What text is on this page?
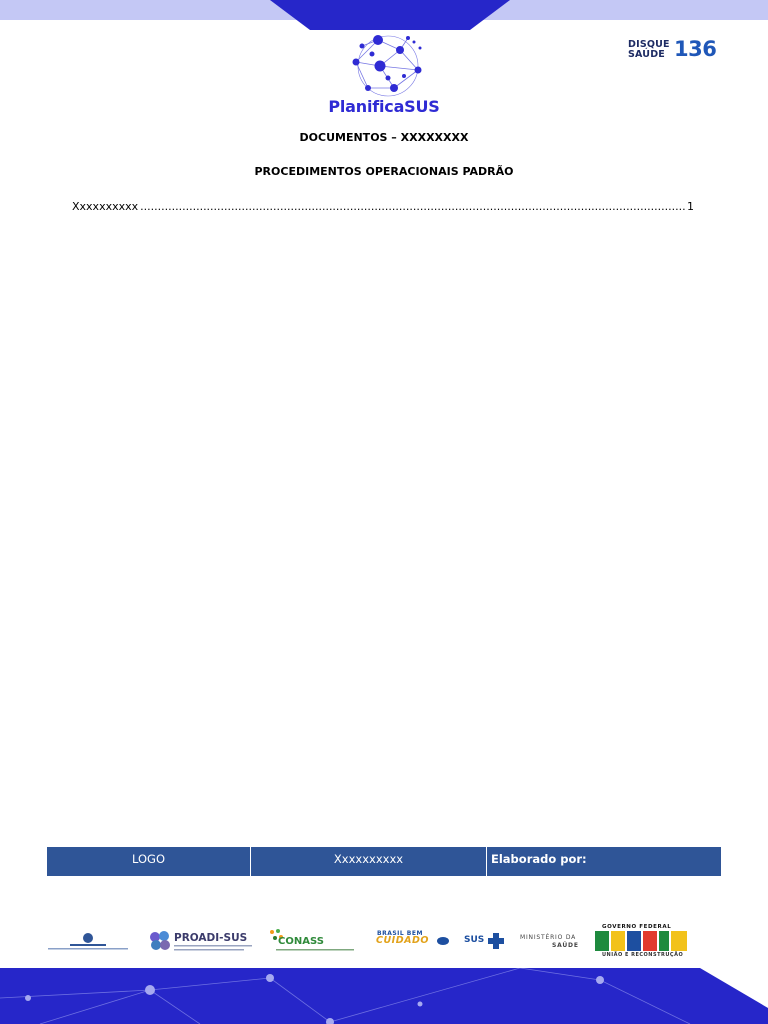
PlanificaSUS
DISQUE
SAÚDE 136
DOCUMENTOS – XXXXXXXX
PROCEDIMENTOS OPERACIONAIS PADRÃO
Xxxxxxxxxx
.....	1
LOGO	Xxxxxxxxxx	Elaborado por:
PROADI-SUS	CONASS
BRASIL BEM
CUIDADO	SUS	MINISTÉRIO DA
SAÚDE
GOVERNO FEDERAL
UNIÃO E RECONSTRUÇÃO
